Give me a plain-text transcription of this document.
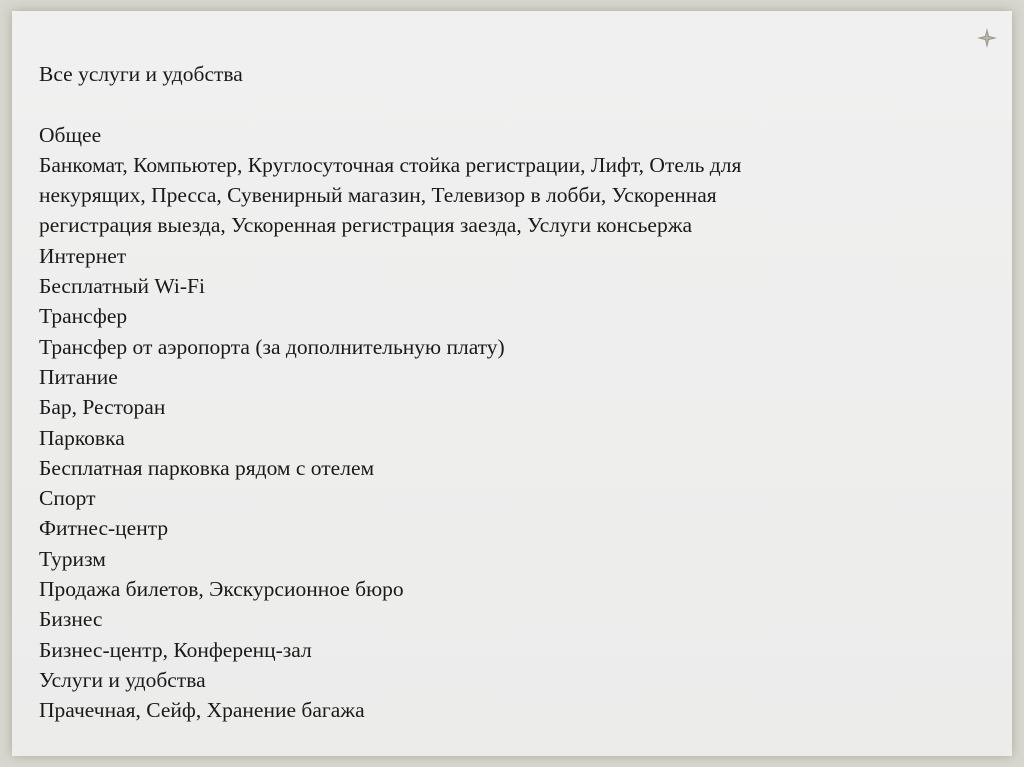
Все услуги и удобства
Общее
Банкомат, Компьютер, Круглосуточная стойка регистрации, Лифт, Отель для
некурящих, Пресса, Сувенирный магазин, Телевизор в лобби, Ускоренная
регистрация выезда, Ускоренная регистрация заезда, Услуги консьержа
Интернет
Бесплатный Wi-Fi
Трансфер
Трансфер от аэропорта (за дополнительную плату)
Питание
Бар, Ресторан
Парковка
Бесплатная парковка рядом с отелем
Спорт
Фитнес-центр
Туризм
Продажа билетов, Экскурсионное бюро
Бизнес
Бизнес-центр, Конференц-зал
Услуги и удобства
Прачечная, Сейф, Хранение багажа
